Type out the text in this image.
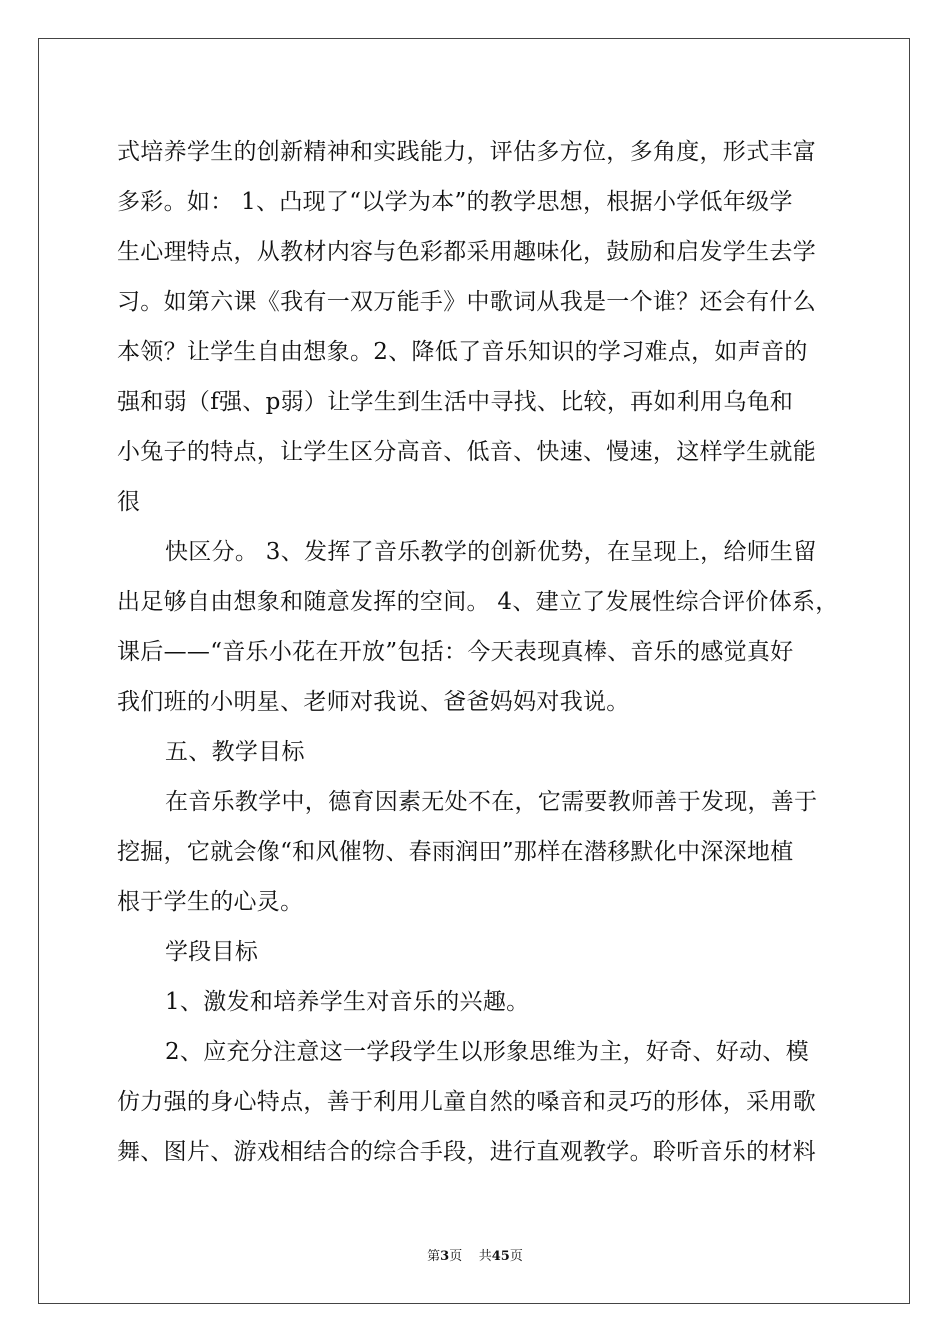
式培养学生的创新精神和实践能力，评估多方位，多角度，形式丰富
多彩。如： 1、凸现了“以学为本”的教学思想，根据小学低年级学
生心理特点，从教材内容与色彩都采用趣味化，鼓励和启发学生去学
习。如第六课《我有一双万能手》中歌词从我是一个谁？还会有什么
本领？让学生自由想象。2、降低了音乐知识的学习难点，如声音的
强和弱（f强、p弱）让学生到生活中寻找、比较，再如利用乌龟和
小兔子的特点，让学生区分高音、低音、快速、慢速，这样学生就能
很
快区分。 3、发挥了音乐教学的创新优势，在呈现上，给师生留
出足够自由想象和随意发挥的空间。 4、建立了发展性综合评价体系，
课后——“音乐小花在开放”包括：今天表现真棒、音乐的感觉真好
我们班的小明星、老师对我说、爸爸妈妈对我说。
五、教学目标
在音乐教学中，德育因素无处不在，它需要教师善于发现，善于
挖掘，它就会像“和风催物、春雨润田”那样在潜移默化中深深地植
根于学生的心灵。
学段目标
1、激发和培养学生对音乐的兴趣。
2、应充分注意这一学段学生以形象思维为主，好奇、好动、模
仿力强的身心特点，善于利用儿童自然的嗓音和灵巧的形体，采用歌
舞、图片、游戏相结合的综合手段，进行直观教学。聆听音乐的材料
第3页    共45页
